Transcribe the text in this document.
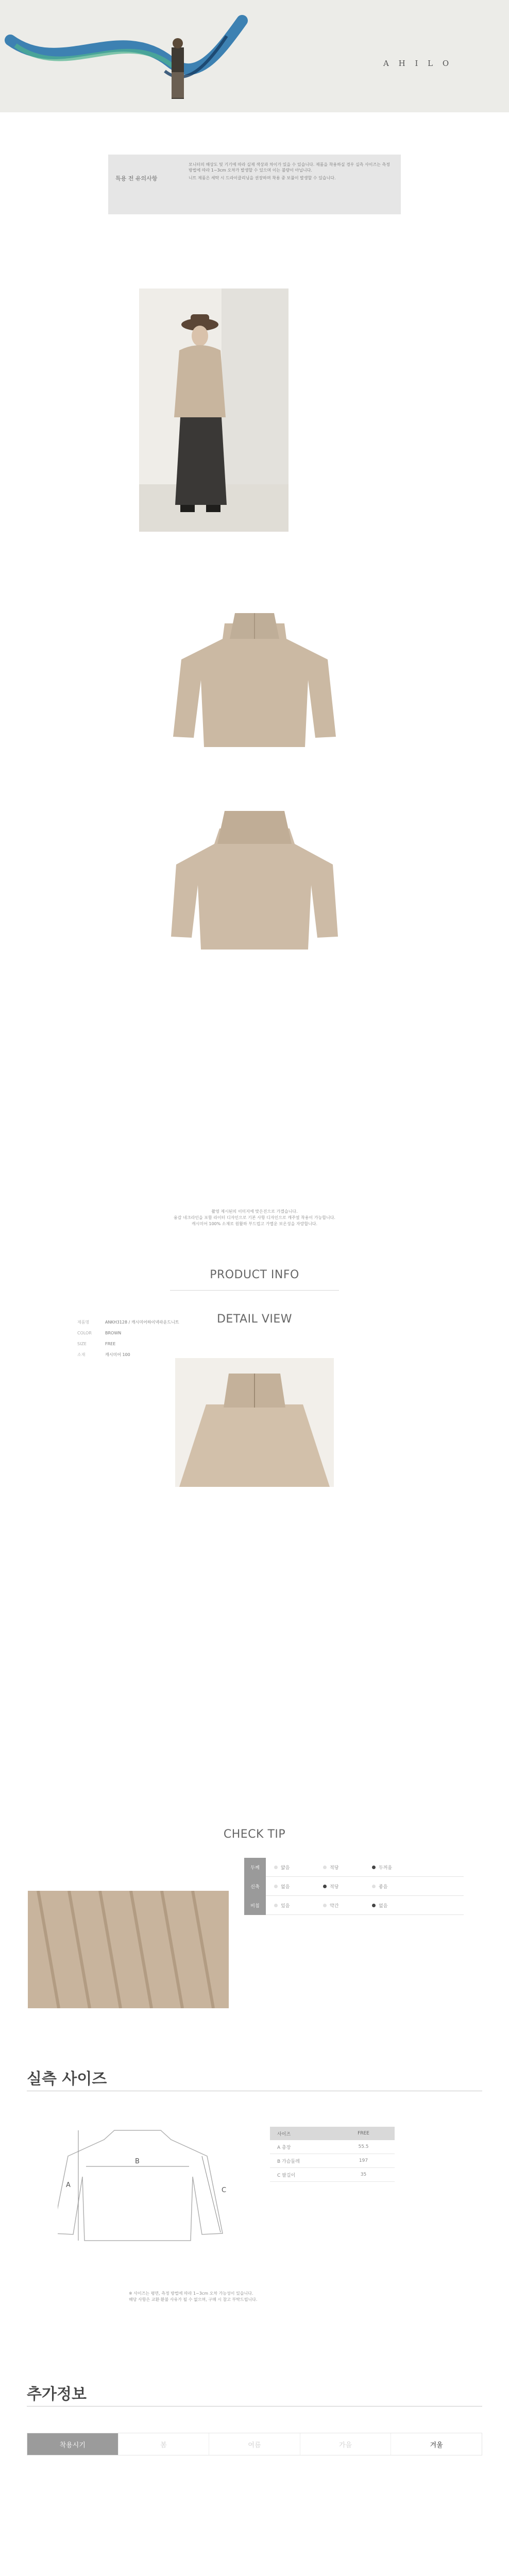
A H I L O
특용 전 유의사항

모니터의 해상도 및 기기에 따라 실제 색상과 차이가 있을 수 있습니다. 제품을 착용하실 경우 실측 사이즈는 측정 방법에 따라 1~3cm 오차가 발생할 수 있으며 이는 불량이 아닙니다.

니트 제품은 세탁 시 드라이클리닝을 권장하며 착용 중 보풀이 발생할 수 있습니다.

촬영 제시된의 이미지에 맞은진으로 가겠습니다.
융감 네크라인을 포함 라이터 디자인으로 기본 사항 디자인으로 캐주얼 착용이 가능합니다.
캐시미어 100% 소재로 원활하 부드럽고 가볍운 보온성을 자랑합니다.
PRODUCT INFO
제품명	ANKH3128 / 캐시미어하이넥라운드니트
COLOR	BROWN
SIZE	FREE
소재	캐시미어 100
DETAIL VIEW
CHECK TIP
두께	얇음	적당	두꺼움
신축	없음	적당	좋음
비침	있음	약간	없음
실측 사이즈
A
B
C
사이즈	FREE
A 총장	55.5
B 가슴둘레	197
C 팔길이	35
※ 사이즈는 평면, 측정 방법에 따라 1~3cm 오차 가능성이 있습니다.
해당 사항은 교환·환불 사유가 될 수 없으며, 구매 시 참고 부탁드립니다.
추가정보
착용시기	봄	여름	가을	겨울
